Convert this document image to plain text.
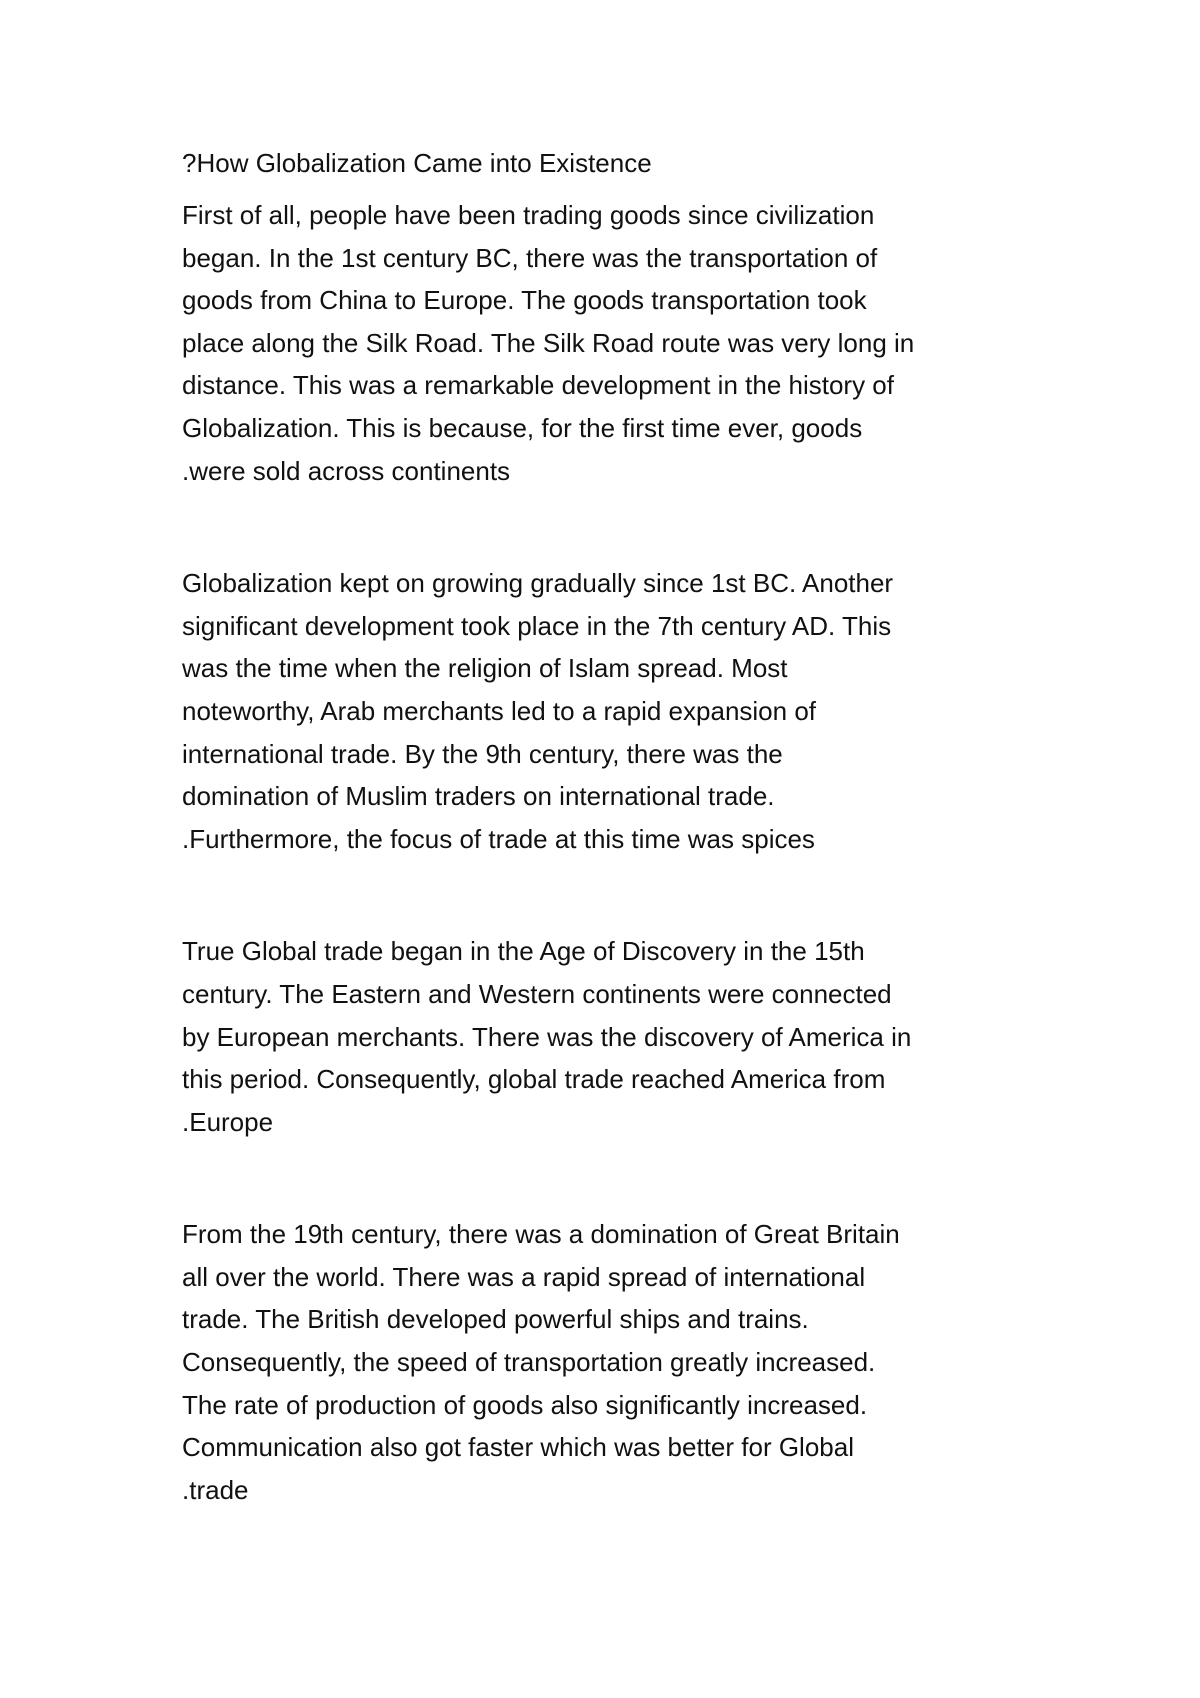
?How Globalization Came into Existence

First of all, people have been trading goods since civilization
began. In the 1st century BC, there was the transportation of
goods from China to Europe. The goods transportation took
place along the Silk Road. The Silk Road route was very long in
distance. This was a remarkable development in the history of
Globalization. This is because, for the first time ever, goods
.were sold across continents

Globalization kept on growing gradually since 1st BC. Another
significant development took place in the 7th century AD. This
was the time when the religion of Islam spread. Most
noteworthy, Arab merchants led to a rapid expansion of
international trade. By the 9th century, there was the
domination of Muslim traders on international trade.
.Furthermore, the focus of trade at this time was spices

True Global trade began in the Age of Discovery in the 15th
century. The Eastern and Western continents were connected
by European merchants. There was the discovery of America in
this period. Consequently, global trade reached America from
.Europe

From the 19th century, there was a domination of Great Britain
all over the world. There was a rapid spread of international
trade. The British developed powerful ships and trains.
Consequently, the speed of transportation greatly increased.
The rate of production of goods also significantly increased.
Communication also got faster which was better for Global
.trade
